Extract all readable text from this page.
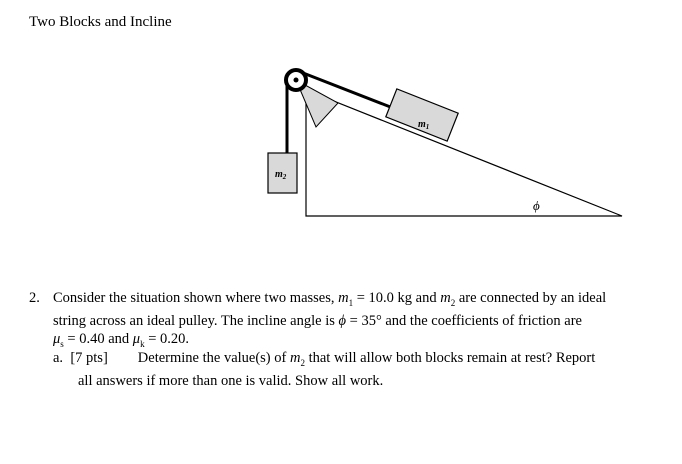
Two Blocks and Incline
$m_1$
$m_2$
ϕ
2. Consider the situation shown where two masses, $m_1 = 10.0$ kg and $m_2$ are connected by an ideal
string across an ideal pulley. The incline angle is ϕ = 35° and the coefficients of friction are
$\mu_s = 0.40$ and $\mu_k = 0.20$.
a. [7 pts] Determine the value(s) of $m_2$ that will allow both blocks remain at rest? Report
all answers if more than one is valid. Show all work.
